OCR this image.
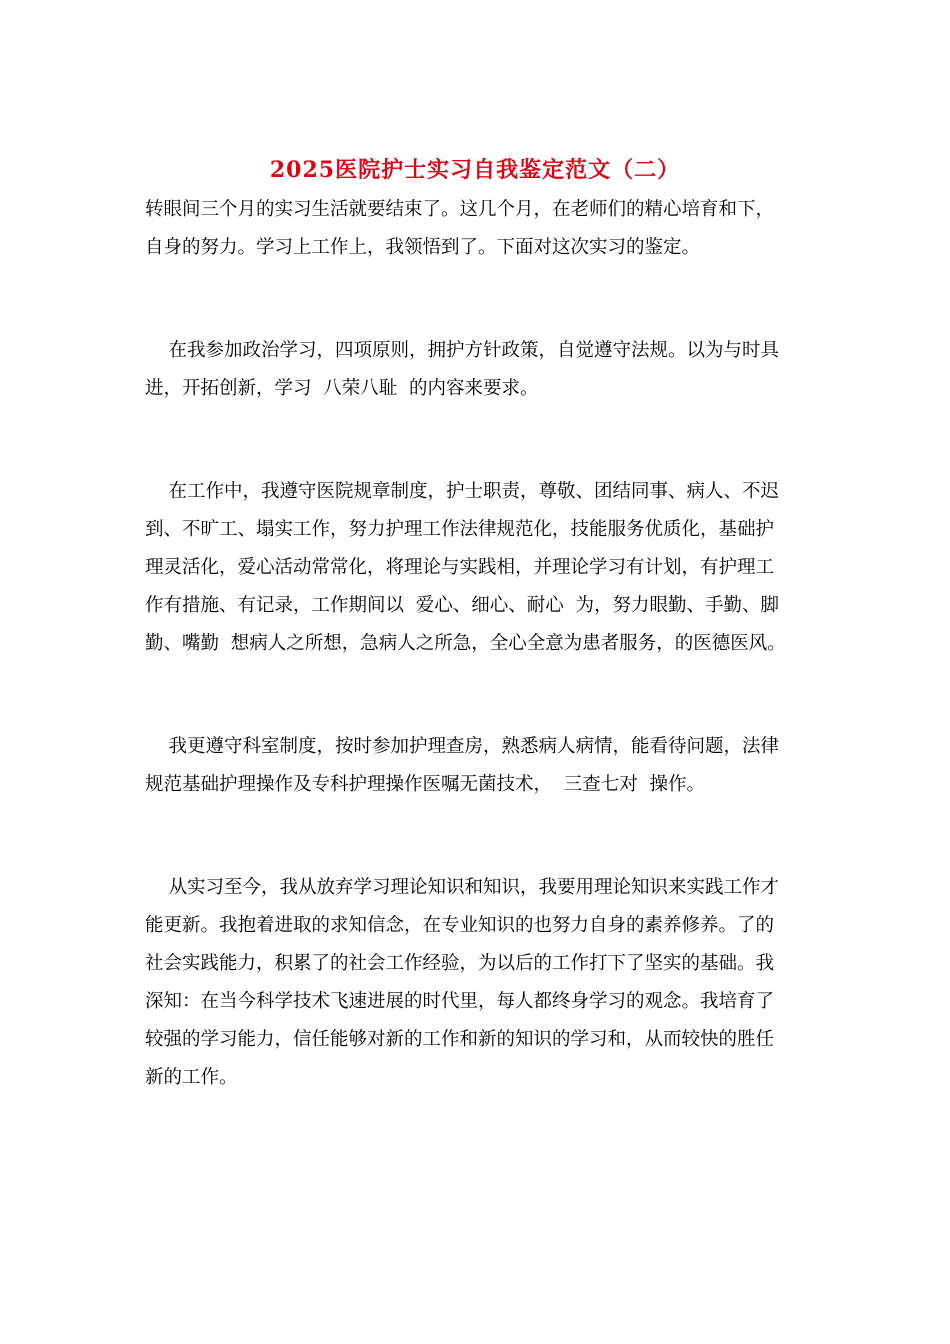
2025医院护士实习自我鉴定范文（二）
转眼间三个月的实习生活就要结束了。这几个月，在老师们的精心培育和下，
自身的努力。学习上工作上，我领悟到了。下面对这次实习的鉴定。
在我参加政治学习，四项原则，拥护方针政策，自觉遵守法规。以为与时具
进，开拓创新，学习  八荣八耻  的内容来要求。
在工作中，我遵守医院规章制度，护士职责，尊敬、团结同事、病人、不迟
到、不旷工、塌实工作，努力护理工作法律规范化，技能服务优质化，基础护
理灵活化，爱心活动常常化，将理论与实践相，并理论学习有计划，有护理工
作有措施、有记录，工作期间以  爱心、细心、耐心  为，努力眼勤、手勤、脚
勤、嘴勤  想病人之所想，急病人之所急，全心全意为患者服务，的医德医风。
我更遵守科室制度，按时参加护理查房，熟悉病人病情，能看待问题，法律
规范基础护理操作及专科护理操作医嘱无菌技术，  三查七对  操作。
从实习至今，我从放弃学习理论知识和知识，我要用理论知识来实践工作才
能更新。我抱着进取的求知信念，在专业知识的也努力自身的素养修养。了的
社会实践能力，积累了的社会工作经验，为以后的工作打下了坚实的基础。我
深知：在当今科学技术飞速进展的时代里，每人都终身学习的观念。我培育了
较强的学习能力，信任能够对新的工作和新的知识的学习和，从而较快的胜任
新的工作。
